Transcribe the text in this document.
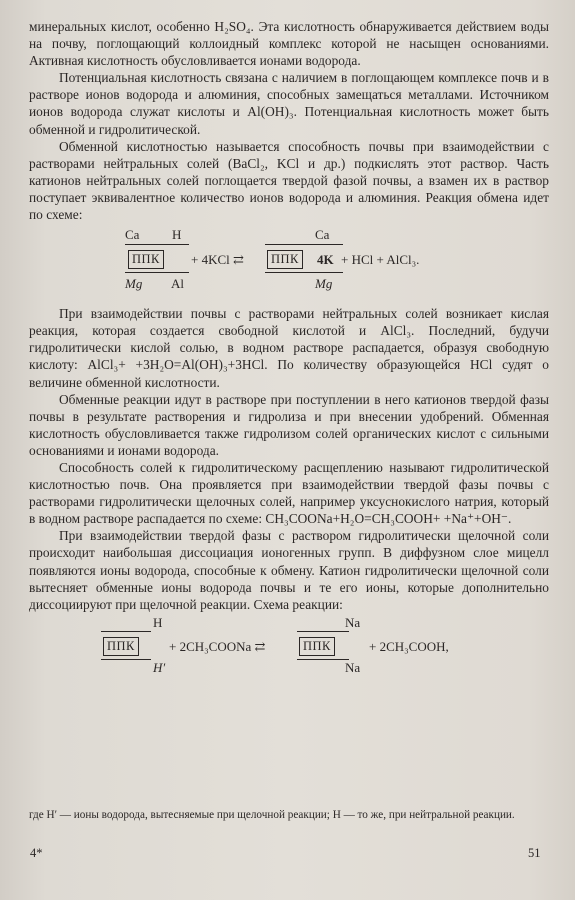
минеральных кислот, особенно H₂SO₄. Эта кислотность обнаруживается действием воды на почву, поглощающий коллоидный комплекс которой не насыщен основаниями. Активная кислотность обусловливается ионами водорода.

Потенциальная кислотность связана с наличием в поглощающем комплексе почв и в растворе ионов водорода и алюминия, способных замещаться металлами. Источником ионов водорода служат кислоты и Al(OH)₃. Потенциальная кислотность может быть обменной и гидролитической.

Обменной кислотностью называется способность почвы при взаимодействии с растворами нейтральных солей (BaCl₂, KCl и др.) подкислять этот раствор. Часть катионов нейтральных солей поглощается твердой фазой почвы, а взамен их в раствор поступает эквивалентное количество ионов водорода и алюминия. Реакция обмена идет по схеме:

Ca	H
ППК
Mg Al
+ 4KCl ⇄
Ca
ППК	4K
Mg
+ HCl + AlCl₃.

При взаимодействии почвы с растворами нейтральных солей возникает кислая реакция, которая создается свободной кислотой и AlCl₃. Последний, будучи гидролитически кислой солью, в водном растворе распадается, образуя свободную кислоту: AlCl₃+ +3H₂O=Al(OH)₃+3HCl. По количеству образующейся HCl судят о величине обменной кислотности.

Обменные реакции идут в растворе при поступлении в него катионов твердой фазы почвы в результате растворения и гидролиза и при внесении удобрений. Обменная кислотность обусловливается также гидролизом солей органических кислот с сильными основаниями и ионами водорода.

Способность солей к гидролитическому расщеплению называют гидролитической кислотностью почв. Она проявляется при взаимодействии твердой фазы почвы с растворами гидролитически щелочных солей, например уксуснокислого натрия, который в водном растворе распадается по схеме: CH₃COONa+H₂O=CH₃COOH+ +Na⁺+OH⁻.

При взаимодействии твердой фазы с раствором гидролитически щелочной соли происходит наибольшая диссоциация ионогенных групп. В диффузном слое мицелл появляются ионы водорода, способные к обмену. Катион гидролитически щелочной соли вытесняет обменные ионы водорода почвы и те его ионы, которые дополнительно диссоциируют при щелочной реакции. Схема реакции:

H
ППК
H′
+ 2CH₃COONa ⇄
Na
ППК
Na
+ 2CH₃COOH,
где H′ — ионы водорода, вытесняемые при щелочной реакции; H — то же, при нейтральной реакции.
4*	51
